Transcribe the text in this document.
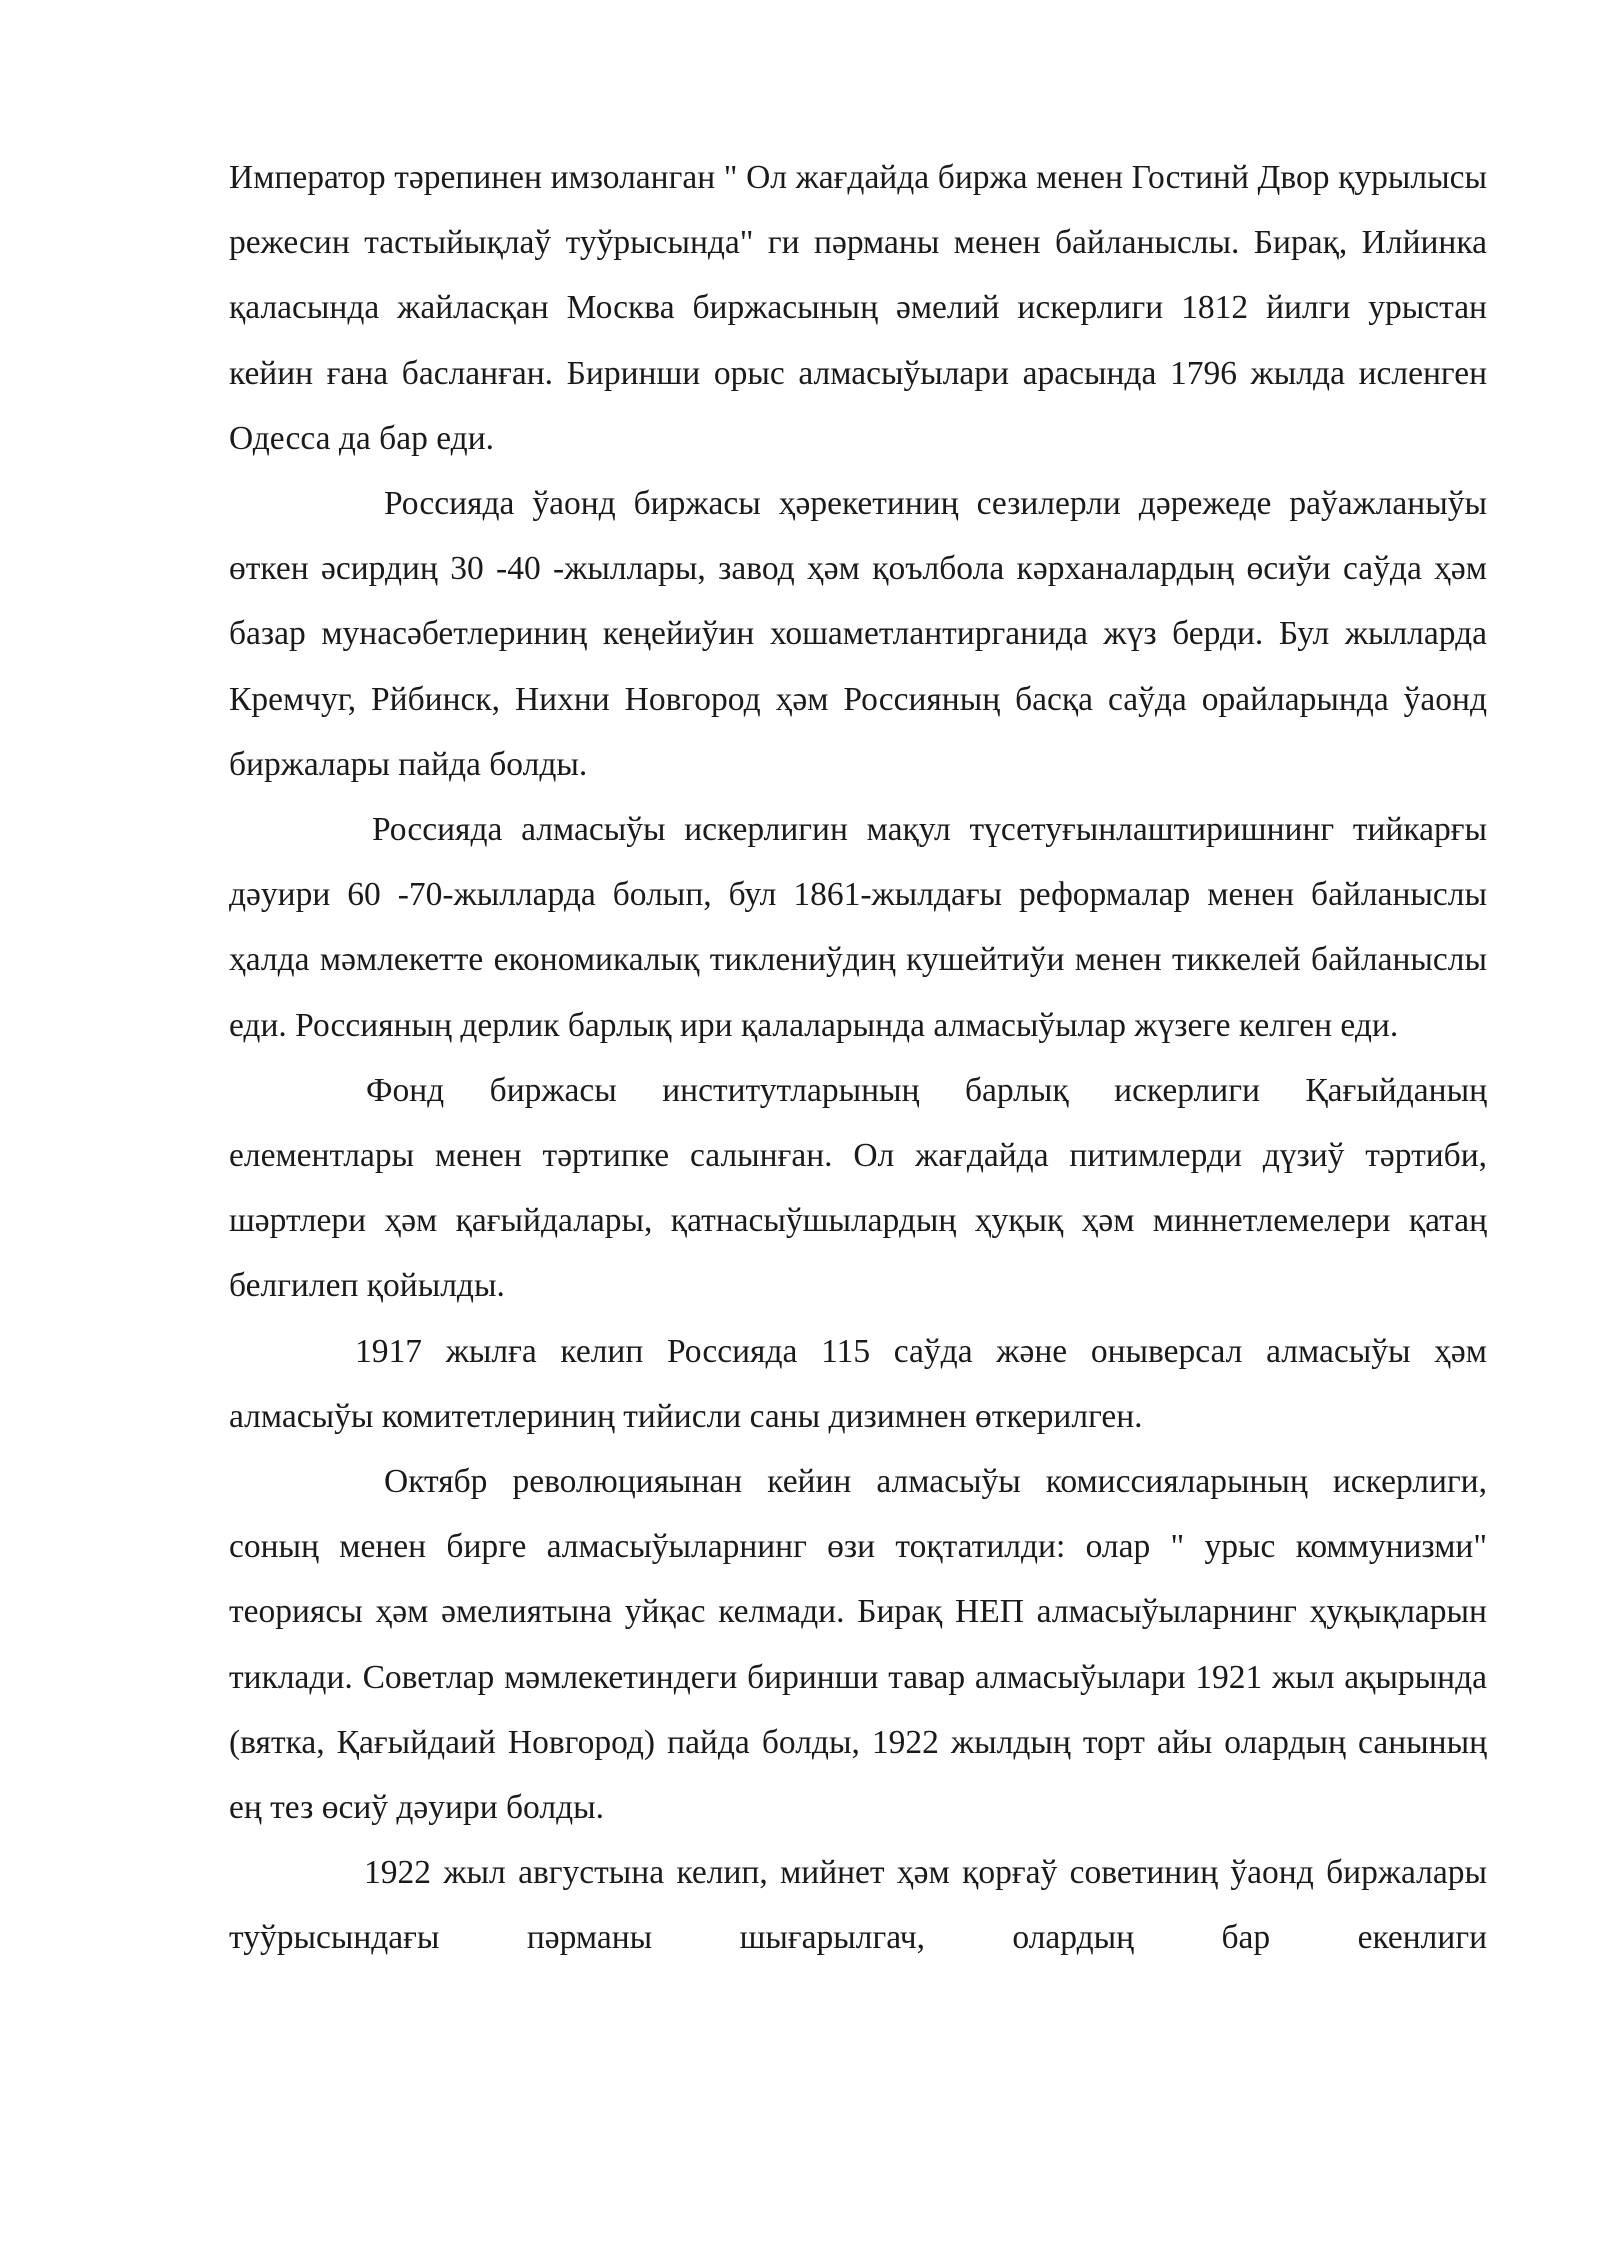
Император тәрепинен имзоланган " Ол жағдайда биржа менен Гостинй Двор қурылысы режесин тастыйықлаў туўрысында" ги пәрманы менен байланыслы. Бирақ, Илйинка қаласында жайласқан Москва биржасының әмелий искерлиги 1812 йилги урыстан кейин ғана басланған. Биринши орыс алмасыўылари арасында 1796 жылда исленген Одесса да бар еди.

Россияда ўаонд биржасы ҳәрекетиниң сезилерли дәрежеде раўажланыўы өткен әсирдиң 30 -40 -жыллары, завод ҳәм қоълбола кәрханалардың өсиўи саўда ҳәм базар мунасәбетлериниң кеңейиўин хошаметлантирганида жүз берди. Бул жылларда Кремчуг, Рйбинск, Нихни Новгород ҳәм Россияның басқа саўда орайларында ўаонд биржалары пайда болды.

Россияда алмасыўы искерлигин мақул түсетуғынлаштиришнинг тийкарғы дәуири 60 -70-жылларда болып, бул 1861-жылдағы реформалар менен байланыслы ҳалда мәмлекетте економикалық тиклениўдиң кушейтиўи менен тиккелей байланыслы еди. Россияның дерлик барлық ири қалаларында алмасыўылар жүзеге келген еди.

Фонд биржасы институтларының барлық искерлиги Қағыйданың елементлары менен тәртипке салынған. Ол жағдайда питимлерди дүзиў тәртиби, шәртлери ҳәм қағыйдалары, қатнасыўшылардың ҳуқық ҳәм миннетлемелери қатаң белгилеп қойылды.

1917 жылға келип Россияда 115 саўда жәнe оныверсал алмасыўы ҳәм алмасыўы комитетлериниң тийисли саны дизимнен өткерилген.

Октябр революцияынан кейин алмасыўы комиссияларының искерлиги, соның менен бирге алмасыўыларнинг өзи тоқтатилди: олар " урыс коммунизми" теориясы ҳәм әмелиятына уйқас келмади. Бирақ НЕП алмасыўыларнинг ҳуқықларын тиклади. Советлар мәмлекетиндеги биринши тавар алмасыўылари 1921 жыл ақырында (вятка, Қағыйдаий Новгород) пайда болды, 1922 жылдың торт айы олардың санының ең тез өсиў дәуири болды.

1922 жыл августына келип, мийнет ҳәм қорғаў советиниң ўаонд биржалары туўрысындағы пәрманы шығарылгач, олардың бар екенлиги
